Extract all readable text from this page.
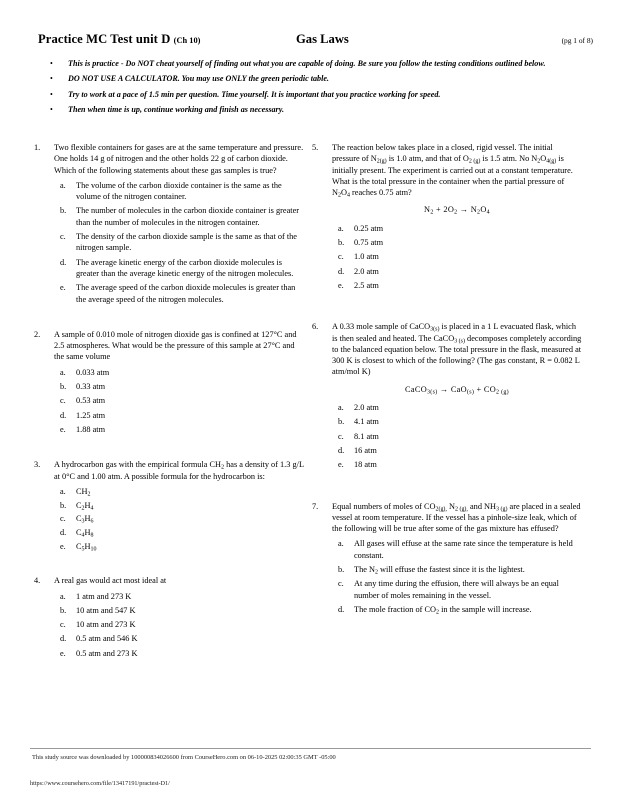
Practice MC Test unit D (Ch 10)	Gas Laws	(pg 1 of 8)
•	This is practice - Do NOT cheat yourself of finding out what you are capable of doing. Be sure you follow the testing conditions outlined below.
•	DO NOT USE A CALCULATOR. You may use ONLY the green periodic table.
•	Try to work at a pace of 1.5 min per question. Time yourself. It is important that you practice working for speed.
•	Then when time is up, continue working and finish as necessary.
1.	Two flexible containers for gases are at the same temperature and pressure. One holds 14 g of nitrogen and the other holds 22 g of carbon dioxide. Which of the following statements about these gas samples is true?
a.	The volume of the carbon dioxide container is the same as the volume of the nitrogen container.
b.	The number of molecules in the carbon dioxide container is greater than the number of molecules in the nitrogen container.
c.	The density of the carbon dioxide sample is the same as that of the nitrogen sample.
d.	The average kinetic energy of the carbon dioxide molecules is greater than the average kinetic energy of the nitrogen molecules.
e.	The average speed of the carbon dioxide molecules is greater than the average speed of the nitrogen molecules.
2.	A sample of 0.010 mole of nitrogen dioxide gas is confined at 127°C and 2.5 atmospheres. What would be the pressure of this sample at 27°C and the same volume
a.	0.033 atm
b.	0.33 atm
c.	0.53 atm
d.	1.25 atm
e.	1.88 atm
3.	A hydrocarbon gas with the empirical formula $CH_2$ has a density of 1.3 g/L at 0°C and 1.00 atm. A possible formula for the hydrocarbon is:
a.	$CH_2$
b.	$C_2H_4$
c.	$C_3H_6$
d.	$C_4H_8$
e.	$C_5H_{10}$
4.	A real gas would act most ideal at
a.	1 atm and 273 K
b.	10 atm and 547 K
c.	10 atm and 273 K
d.	0.5 atm and 546 K
e.	0.5 atm and 273 K
5.	The reaction below takes place in a closed, rigid vessel. The initial pressure of $N_{2(g)}$ is 1.0 atm, and that of $O_{2 (g)}$ is 1.5 atm. No $N_2O_{4(g)}$ is initially present. The experiment is carried out at a constant temperature. What is the total pressure in the container when the partial pressure of $N_2O_4$ reaches 0.75 atm?
$N_2 + 2O_2 \to N_2O_4$
a.	0.25 atm
b.	0.75 atm
c.	1.0 atm
d.	2.0 atm
e.	2.5 atm
6.	A 0.33 mole sample of CaCO$_{3(s)}$ is placed in a 1 L evacuated flask, which is then sealed and heated. The CaCO$_{3 (s)}$ decomposes completely according to the balanced equation below. The total pressure in the flask, measured at 300 K is closest to which of the following? (The gas constant, R = 0.082 L atm/mol K)
CaCO$_{3(s)}$ → $CaO_{(s)} + CO_{2 (g)}$
a.	2.0 atm
b.	4.1 atm
c.	8.1 atm
d.	16 atm
e.	18 atm
7.	Equal numbers of moles of $CO_{2(g),}$ $N_{2 (g),}$ and $NH_{3 (g)}$ are placed in a sealed vessel at room temperature. If the vessel has a pinhole-size leak, which of the following will be true after some of the gas mixture has effused?
a.	All gases will effuse at the same rate since the temperature is held constant.
b.	The $N_2$ will effuse the fastest since it is the lightest.
c.	At any time during the effusion, there will always be an equal number of moles remaining in the vessel.
d.	The mole fraction of $CO_2$ in the sample will increase.
This study source was downloaded by 100000834026600 from CourseHero.com on 06-10-2025 02:00:35 GMT -05:00
https://www.coursehero.com/file/13417191/practest-D1/
